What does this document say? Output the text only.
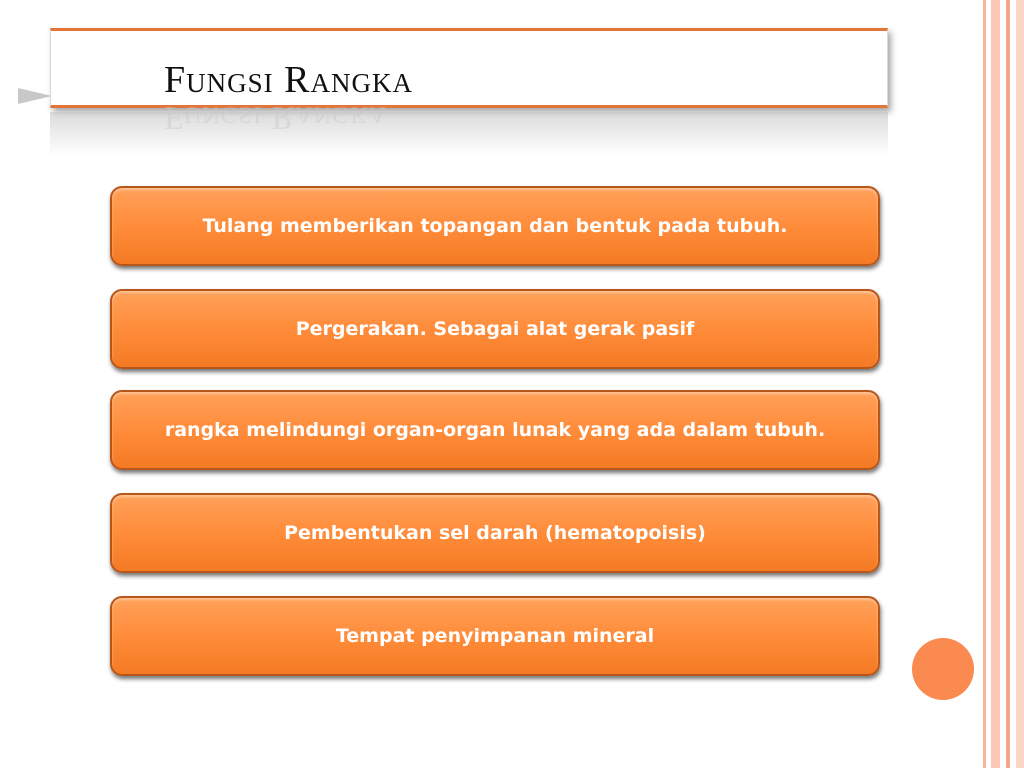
Fungsi Rangka
Fungsi Rangka
Tulang memberikan topangan dan bentuk pada tubuh.
Pergerakan. Sebagai alat gerak pasif
rangka melindungi organ-organ lunak yang ada dalam tubuh.
Pembentukan sel darah (hematopoisis)
Tempat penyimpanan mineral
